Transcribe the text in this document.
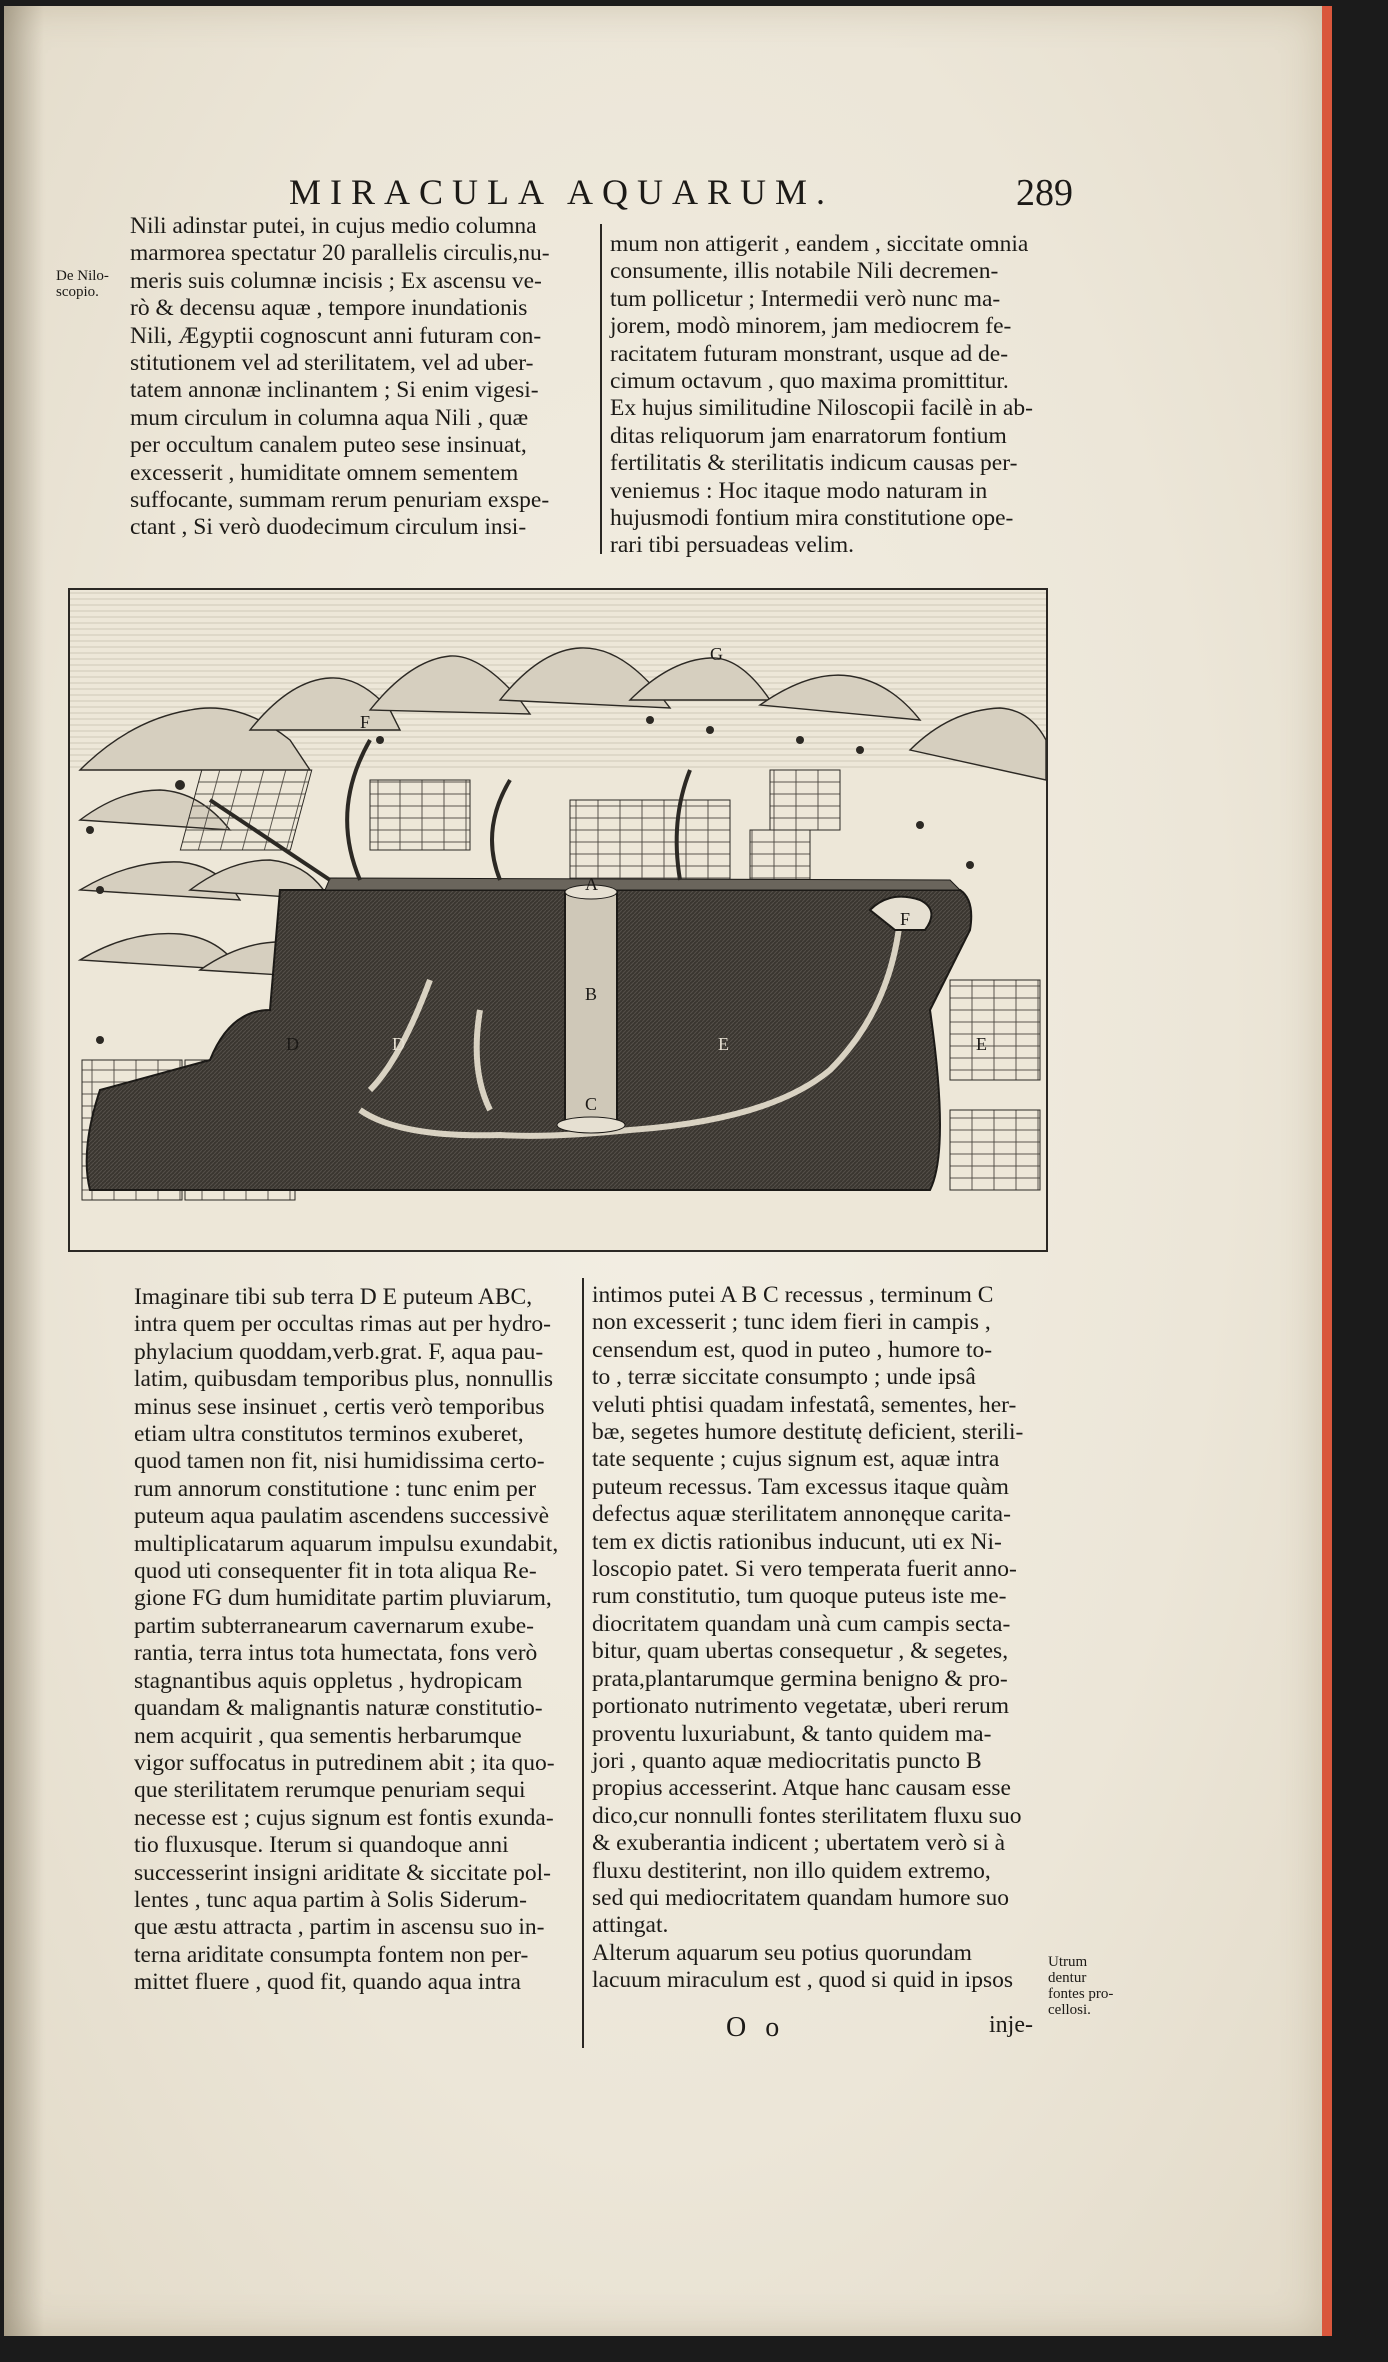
MIRACULA AQUARUM.	289
De Nilo-
scopio.
Nili adinstar putei, in cujus medio columna
marmorea spectatur 20 parallelis circulis,nu-
meris suis columnæ incisis ; Ex ascensu ve-
rò & decensu aquæ , tempore inundationis
Nili, Ægyptii cognoscunt anni futuram con-
stitutionem vel ad sterilitatem, vel ad uber-
tatem annonæ inclinantem ; Si enim vigesi-
mum circulum in columna aqua Nili , quæ
per occultum canalem puteo sese insinuat,
excesserit , humiditate omnem sementem
suffocante, summam rerum penuriam exspe-
ctant , Si verò duodecimum circulum insi-
mum non attigerit , eandem , siccitate omnia
consumente, illis notabile Nili decremen-
tum pollicetur ; Intermedii verò nunc ma-
jorem, modò minorem, jam mediocrem fe-
racitatem futuram monstrant, usque ad de-
cimum octavum , quo maxima promittitur.
Ex hujus similitudine Niloscopii facilè in ab-
ditas reliquorum jam enarratorum fontium
fertilitatis & sterilitatis indicum causas per-
veniemus : Hoc itaque modo naturam in
hujusmodi fontium mira constitutione ope-
rari tibi persuadeas velim.
A
B
C
D	D	E	E
F
F
G
Imaginare tibi sub terra D E puteum ABC,
intra quem per occultas rimas aut per hydro-
phylacium quoddam,verb.grat. F, aqua pau-
latim, quibusdam temporibus plus, nonnullis
minus sese insinuet , certis verò temporibus
etiam ultra constitutos terminos exuberet,
quod tamen non fit, nisi humidissima certo-
rum annorum constitutione : tunc enim per
puteum aqua paulatim ascendens successivè
multiplicatarum aquarum impulsu exundabit,
quod uti consequenter fit in tota aliqua Re-
gione FG dum humiditate partim pluviarum,
partim subterranearum cavernarum exube-
rantia, terra intus tota humectata, fons verò
stagnantibus aquis oppletus , hydropicam
quandam & malignantis naturæ constitutio-
nem acquirit , qua sementis herbarumque
vigor suffocatus in putredinem abit ; ita quo-
que sterilitatem rerumque penuriam sequi
necesse est ; cujus signum est fontis exunda-
tio fluxusque. Iterum si quandoque anni
successerint insigni ariditate & siccitate pol-
lentes , tunc aqua partim à Solis Siderum-
que æstu attracta , partim in ascensu suo in-
terna ariditate consumpta fontem non per-
mittet fluere , quod fit, quando aqua intra
intimos putei A B C recessus , terminum C
non excesserit ; tunc idem fieri in campis ,
censendum est, quod in puteo , humore to-
to , terræ siccitate consumpto ; unde ipsâ
veluti phtisi quadam infestatâ, sementes, her-
bæ, segetes humore destitutę deficient, sterili-
tate sequente ; cujus signum est, aquæ intra
puteum recessus. Tam excessus itaque quàm
defectus aquæ sterilitatem annonęque carita-
tem ex dictis rationibus inducunt, uti ex Ni-
loscopio patet. Si vero temperata fuerit anno-
rum constitutio, tum quoque puteus iste me-
diocritatem quandam unà cum campis secta-
bitur, quam ubertas consequetur , & segetes,
prata,plantarumque germina benigno & pro-
portionato nutrimento vegetatæ, uberi rerum
proventu luxuriabunt, & tanto quidem ma-
jori , quanto aquæ mediocritatis puncto B
propius accesserint. Atque hanc causam esse
dico,cur nonnulli fontes sterilitatem fluxu suo
& exuberantia indicent ; ubertatem verò si à
fluxu destiterint, non illo quidem extremo,
sed qui mediocritatem quandam humore suo
attingat.
Alterum aquarum seu potius quorundam
lacuum miraculum est , quod si quid in ipsos
Utrum
dentur
fontes pro-
cellosi.
O o	inje-
